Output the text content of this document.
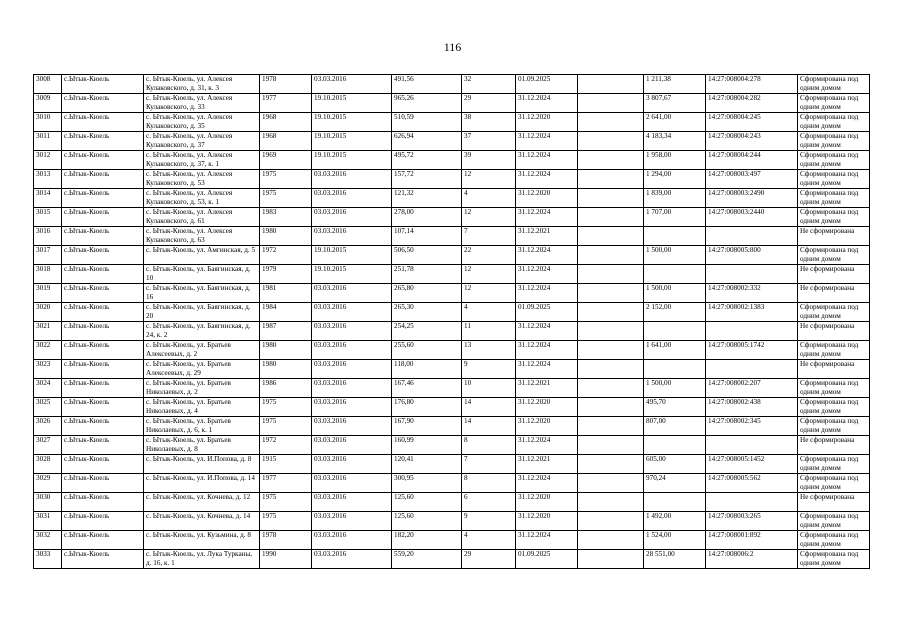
116
3008	с.Ытык-Кюель	с. Ытык-Кюель, ул. Алексея Кулаковского, д. 31, к. 3	1978	03.03.2016	491,56	32	01.09.2025		1 211,38	14:27:008004:278	Сформирована под одним домом
3009	с.Ытык-Кюель	с. Ытык-Кюель, ул. Алексея Кулаковского, д. 33	1977	19.10.2015	965,26	29	31.12.2024		3 807,67	14:27:008004:282	Сформирована под одним домом
3010	с.Ытык-Кюель	с. Ытык-Кюель, ул. Алексея Кулаковского, д. 35	1968	19.10.2015	510,59	38	31.12.2020		2 641,00	14:27:008004:245	Сформирована под одним домом
3011	с.Ытык-Кюель	с. Ытык-Кюель, ул. Алексея Кулаковского, д. 37	1968	19.10.2015	626,94	37	31.12.2024		4 183,34	14:27:008004:243	Сформирована под одним домом
3012	с.Ытык-Кюель	с. Ытык-Кюель, ул. Алексея Кулаковского, д. 37, к. 1	1969	19.10.2015	495,72	39	31.12.2024		1 958,00	14:27:008004:244	Сформирована под одним домом
3013	с.Ытык-Кюель	с. Ытык-Кюель, ул. Алексея Кулаковского, д. 53	1975	03.03.2016	157,72	12	31.12.2024		1 294,00	14:27:008003:497	Сформирована под одним домом
3014	с.Ытык-Кюель	с. Ытык-Кюель, ул. Алексея Кулаковского, д. 53, к. 1	1975	03.03.2016	121,32	4	31.12.2020		1 839,00	14:27:008003:2490	Сформирована под одним домом
3015	с.Ытык-Кюель	с. Ытык-Кюель, ул. Алексея Кулаковского, д. 61	1983	03.03.2016	278,00	12	31.12.2024		1 707,00	14:27:008003:2440	Сформирована под одним домом
3016	с.Ытык-Кюель	с. Ытык-Кюель, ул. Алексея Кулаковского, д. 63	1980	03.03.2016	107,14	7	31.12.2021				Не сформирована
3017	с.Ытык-Кюель	с. Ытык-Кюель, ул. Амгинская, д. 5	1972	19.10.2015	506,50	22	31.12.2024		1 500,00	14:27:008005:800	Сформирована под одним домом
3018	с.Ытык-Кюель	с. Ытык-Кюель, ул. Баягинская, д. 10	1979	19.10.2015	251,78	12	31.12.2024				Не сформирована
3019	с.Ытык-Кюель	с. Ытык-Кюель, ул. Баягинская, д. 16	1981	03.03.2016	265,80	12	31.12.2024		1 500,00	14:27:008002:332	Не сформирована
3020	с.Ытык-Кюель	с. Ытык-Кюель, ул. Баягинская, д. 20	1984	03.03.2016	265,30	4	01.09.2025		2 152,00	14:27:008002:1383	Сформирована под одним домом
3021	с.Ытык-Кюель	с. Ытык-Кюель, ул. Баягинская, д. 24, к. 2	1987	03.03.2016	254,25	11	31.12.2024				Не сформирована
3022	с.Ытык-Кюель	с. Ытык-Кюель, ул. Братьев Алексеевых, д. 2	1980	03.03.2016	255,60	13	31.12.2024		1 641,00	14:27:008005:1742	Сформирована под одним домом
3023	с.Ытык-Кюель	с. Ытык-Кюель, ул. Братьев Алексеевых, д. 29	1980	03.03.2016	118,00	9	31.12.2024				Не сформирована
3024	с.Ытык-Кюель	с. Ытык-Кюель, ул. Братьев Николаевых, д. 2	1986	03.03.2016	167,46	10	31.12.2021		1 500,00	14:27:008002:207	Сформирована под одним домом
3025	с.Ытык-Кюель	с. Ытык-Кюель, ул. Братьев Николаевых, д. 4	1975	03.03.2016	176,80	14	31.12.2020		495,70	14:27:008002:438	Сформирована под одним домом
3026	с.Ытык-Кюель	с. Ытык-Кюель, ул. Братьев Николаевых, д. 6, к. 1	1975	03.03.2016	167,90	14	31.12.2020		807,00	14:27:008002:345	Сформирована под одним домом
3027	с.Ытык-Кюель	с. Ытык-Кюель, ул. Братьев Николаевых, д. 8	1972	03.03.2016	160,99	8	31.12.2024				Не сформирована
3028	с.Ытык-Кюель	с. Ытык-Кюель, ул. И.Попова, д. 8	1915	03.03.2016	120,41	7	31.12.2021		605,00	14:27:008005:1452	Сформирована под одним домом
3029	с.Ытык-Кюель	с. Ытык-Кюель, ул. И.Попова, д. 14	1977	03.03.2016	300,95	8	31.12.2024		970,24	14:27:008005:562	Сформирована под одним домом
3030	с.Ытык-Кюель	с. Ытык-Кюель, ул. Кочнева, д. 12	1975	03.03.2016	125,60	6	31.12.2020				Не сформирована
3031	с.Ытык-Кюель	с. Ытык-Кюель, ул. Кочнева, д. 14	1975	03.03.2016	125,60	9	31.12.2020		1 492,00	14:27:008003:265	Сформирована под одним домом
3032	с.Ытык-Кюель	с. Ытык-Кюель, ул. Кузьмина, д. 8	1978	03.03.2016	182,20	4	31.12.2024		1 524,00	14:27:008001:892	Сформирована под одним домом
3033	с.Ытык-Кюель	с. Ытык-Кюель, ул. Лука Турканы, д. 16, к. 1	1990	03.03.2016	559,20	29	01.09.2025		28 551,00	14:27:008006:2	Сформирована под одним домом
